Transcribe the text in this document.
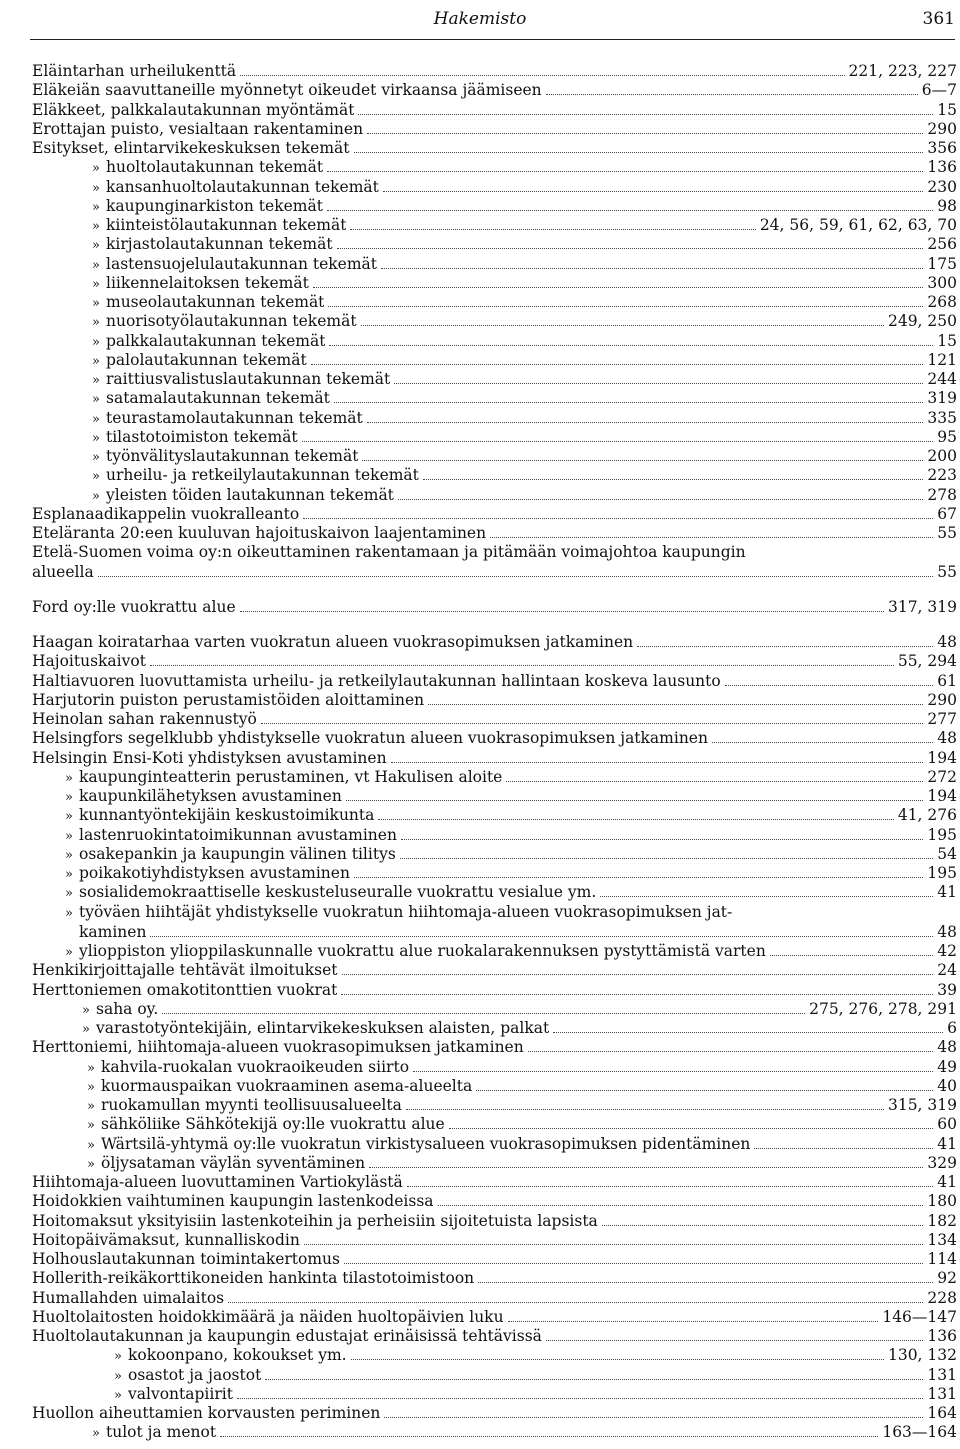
Hakemisto	361
Eläintarhan urheilukenttä	221, 223, 227
Eläkeiän saavuttaneille myönnetyt oikeudet virkaansa jäämiseen	6—7
Eläkkeet, palkkalautakunnan myöntämät	15
Erottajan puisto, vesialtaan rakentaminen	290
Esitykset, elintarvikekeskuksen tekemät	356
» huoltolautakunnan tekemät	136
» kansanhuoltolautakunnan tekemät	230
» kaupunginarkiston tekemät	98
» kiinteistölautakunnan tekemät	24, 56, 59, 61, 62, 63, 70
» kirjastolautakunnan tekemät	256
» lastensuojelulautakunnan tekemät	175
» liikennelaitoksen tekemät	300
» museolautakunnan tekemät	268
» nuorisotyölautakunnan tekemät	249, 250
» palkkalautakunnan tekemät	15
» palolautakunnan tekemät	121
» raittiusvalistuslautakunnan tekemät	244
» satamalautakunnan tekemät	319
» teurastamolautakunnan tekemät	335
» tilastotoimiston tekemät	95
» työnvälityslautakunnan tekemät	200
» urheilu- ja retkeilylautakunnan tekemät	223
» yleisten töiden lautakunnan tekemät	278
Esplanaadikappelin vuokralleanto	67
Eteläranta 20:een kuuluvan hajoituskaivon laajentaminen	55
Etelä-Suomen voima oy:n oikeuttaminen rakentamaan ja pitämään voimajohtoa kaupungin
alueella	55
Ford oy:lle vuokrattu alue	317, 319
Haagan koiratarhaa varten vuokratun alueen vuokrasopimuksen jatkaminen	48
Hajoituskaivot	55, 294
Haltiavuoren luovuttamista urheilu- ja retkeilylautakunnan hallintaan koskeva lausunto	61
Harjutorin puiston perustamistöiden aloittaminen	290
Heinolan sahan rakennustyö	277
Helsingfors segelklubb yhdistykselle vuokratun alueen vuokrasopimuksen jatkaminen	48
Helsingin Ensi-Koti yhdistyksen avustaminen	194
» kaupunginteatterin perustaminen, vt Hakulisen aloite	272
» kaupunkilähetyksen avustaminen	194
» kunnantyöntekijäin keskustoimikunta	41, 276
» lastenruokintatoimikunnan avustaminen	195
» osakepankin ja kaupungin välinen tilitys	54
» poikakotiyhdistyksen avustaminen	195
» sosialidemokraattiselle keskusteluseuralle vuokrattu vesialue ym.	41
» työväen hiihtäjät yhdistykselle vuokratun hiihtomaja-alueen vuokrasopimuksen jat-
kaminen	48
» ylioppiston ylioppilaskunnalle vuokrattu alue ruokalarakennuksen pystyttämistä varten	42
Henkikirjoittajalle tehtävät ilmoitukset	24
Herttoniemen omakotitonttien vuokrat	39
» saha oy.	275, 276, 278, 291
» varastotyöntekijäin, elintarvikekeskuksen alaisten, palkat	6
Herttoniemi, hiihtomaja-alueen vuokrasopimuksen jatkaminen	48
» kahvila-ruokalan vuokraoikeuden siirto	49
» kuormauspaikan vuokraaminen asema-alueelta	40
» ruokamullan myynti teollisuusalueelta	315, 319
» sähköliike Sähkötekijä oy:lle vuokrattu alue	60
» Wärtsilä-yhtymä oy:lle vuokratun virkistysalueen vuokrasopimuksen pidentäminen	41
» öljysataman väylän syventäminen	329
Hiihtomaja-alueen luovuttaminen Vartiokylästä	41
Hoidokkien vaihtuminen kaupungin lastenkodeissa	180
Hoitomaksut yksityisiin lastenkoteihin ja perheisiin sijoitetuista lapsista	182
Hoitopäivämaksut, kunnalliskodin	134
Holhouslautakunnan toimintakertomus	114
Hollerith-reikäkorttikoneiden hankinta tilastotoimistoon	92
Humallahden uimalaitos	228
Huoltolaitosten hoidokkimäärä ja näiden huoltopäivien luku	146—147
Huoltolautakunnan ja kaupungin edustajat erinäisissä tehtävissä	136
» kokoonpano, kokoukset ym.	130, 132
» osastot ja jaostot	131
» valvontapiirit	131
Huollon aiheuttamien korvausten periminen	164
» tulot ja menot	163—164
